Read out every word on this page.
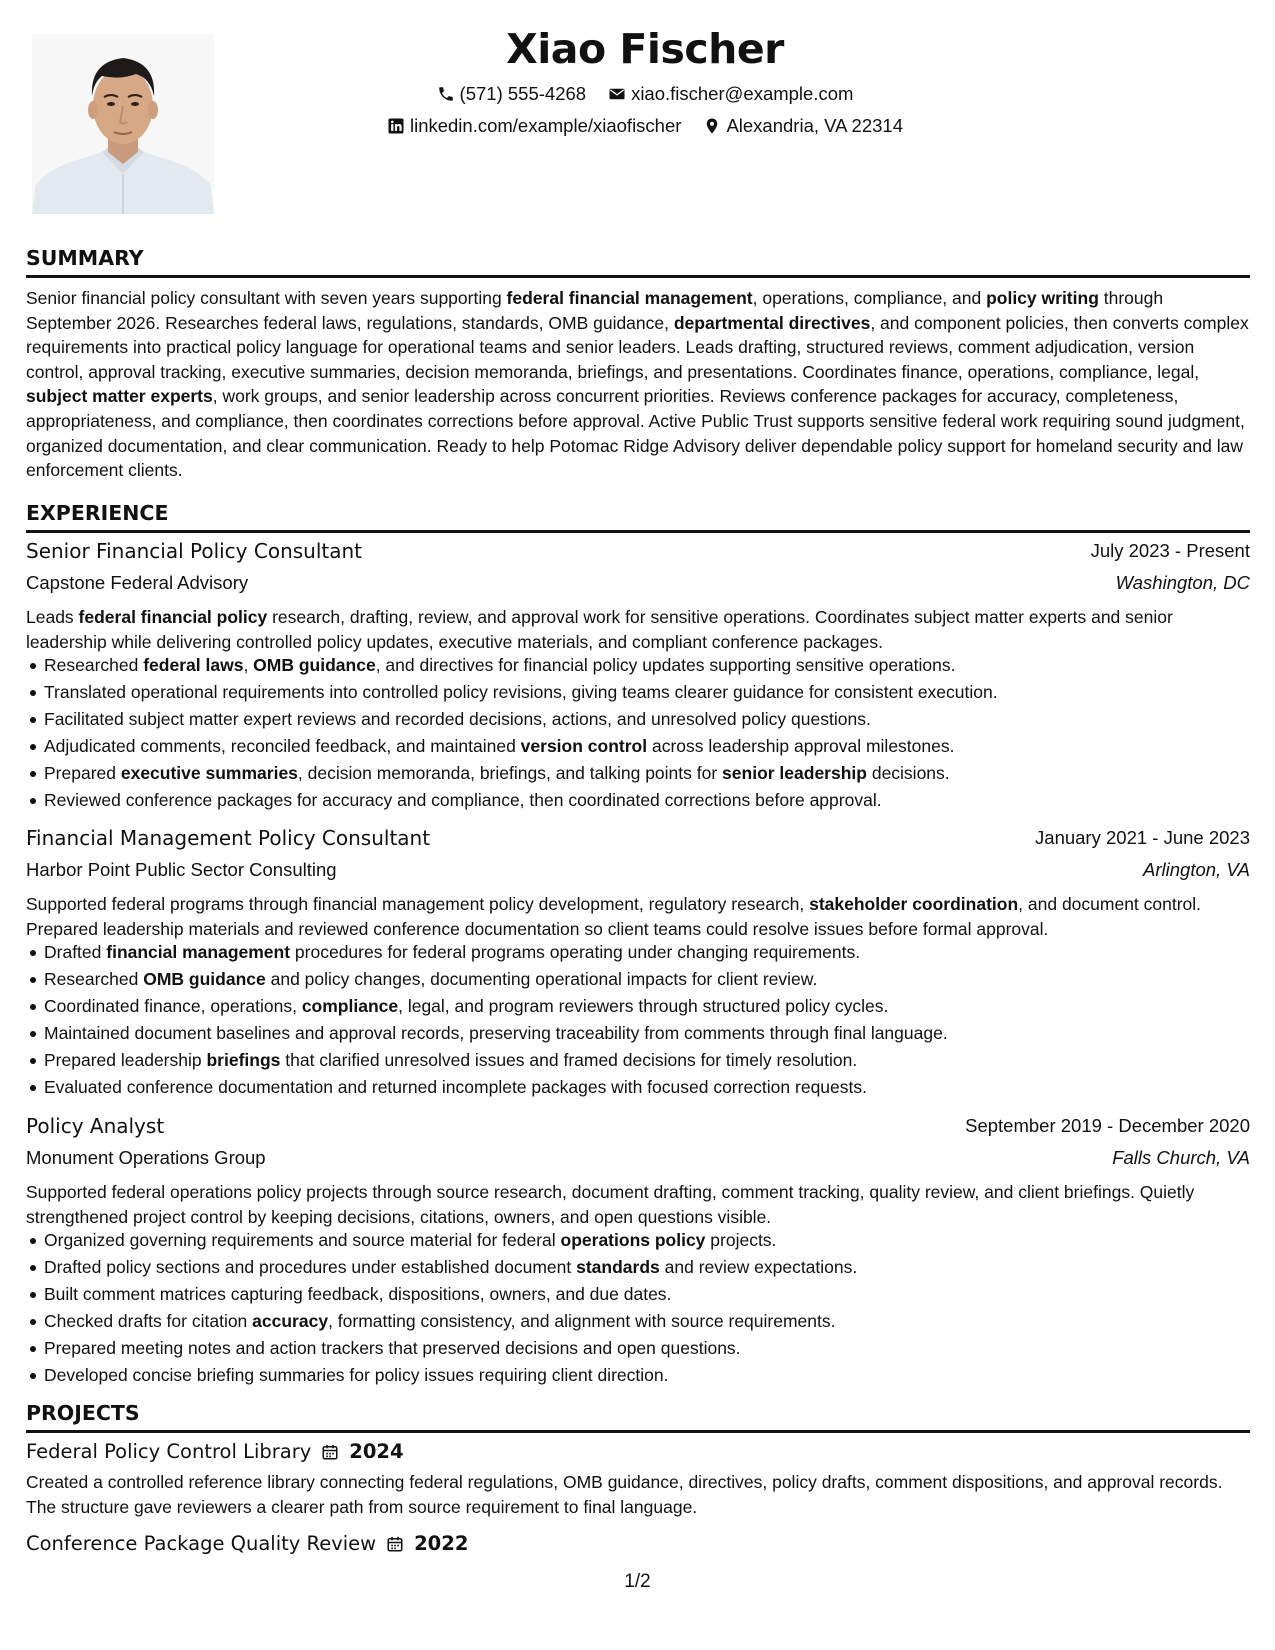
Xiao Fischer
(571) 555-4268 xiao.fischer@example.com
linkedin.com/example/xiaofischer Alexandria, VA 22314
SUMMARY
Senior financial policy consultant with seven years supporting federal financial management, operations, compliance, and policy writing through September 2026. Researches federal laws, regulations, standards, OMB guidance, departmental directives, and component policies, then converts complex requirements into practical policy language for operational teams and senior leaders. Leads drafting, structured reviews, comment adjudication, version control, approval tracking, executive summaries, decision memoranda, briefings, and presentations. Coordinates finance, operations, compliance, legal, subject matter experts, work groups, and senior leadership across concurrent priorities. Reviews conference packages for accuracy, completeness, appropriateness, and compliance, then coordinates corrections before approval. Active Public Trust supports sensitive federal work requiring sound judgment, organized documentation, and clear communication. Ready to help Potomac Ridge Advisory deliver dependable policy support for homeland security and law enforcement clients.
EXPERIENCE
Senior Financial Policy Consultant	July 2023 - Present
Capstone Federal Advisory	Washington, DC
Leads federal financial policy research, drafting, review, and approval work for sensitive operations. Coordinates subject matter experts and senior leadership while delivering controlled policy updates, executive materials, and compliant conference packages.
Researched federal laws, OMB guidance, and directives for financial policy updates supporting sensitive operations.
Translated operational requirements into controlled policy revisions, giving teams clearer guidance for consistent execution.
Facilitated subject matter expert reviews and recorded decisions, actions, and unresolved policy questions.
Adjudicated comments, reconciled feedback, and maintained version control across leadership approval milestones.
Prepared executive summaries, decision memoranda, briefings, and talking points for senior leadership decisions.
Reviewed conference packages for accuracy and compliance, then coordinated corrections before approval.
Financial Management Policy Consultant	January 2021 - June 2023
Harbor Point Public Sector Consulting	Arlington, VA
Supported federal programs through financial management policy development, regulatory research, stakeholder coordination, and document control. Prepared leadership materials and reviewed conference documentation so client teams could resolve issues before formal approval.
Drafted financial management procedures for federal programs operating under changing requirements.
Researched OMB guidance and policy changes, documenting operational impacts for client review.
Coordinated finance, operations, compliance, legal, and program reviewers through structured policy cycles.
Maintained document baselines and approval records, preserving traceability from comments through final language.
Prepared leadership briefings that clarified unresolved issues and framed decisions for timely resolution.
Evaluated conference documentation and returned incomplete packages with focused correction requests.
Policy Analyst	September 2019 - December 2020
Monument Operations Group	Falls Church, VA
Supported federal operations policy projects through source research, document drafting, comment tracking, quality review, and client briefings. Quietly strengthened project control by keeping decisions, citations, owners, and open questions visible.
Organized governing requirements and source material for federal operations policy projects.
Drafted policy sections and procedures under established document standards and review expectations.
Built comment matrices capturing feedback, dispositions, owners, and due dates.
Checked drafts for citation accuracy, formatting consistency, and alignment with source requirements.
Prepared meeting notes and action trackers that preserved decisions and open questions.
Developed concise briefing summaries for policy issues requiring client direction.
PROJECTS
Federal Policy Control Library 2024
Created a controlled reference library connecting federal regulations, OMB guidance, directives, policy drafts, comment dispositions, and approval records. The structure gave reviewers a clearer path from source requirement to final language.
Conference Package Quality Review 2022
1/2
